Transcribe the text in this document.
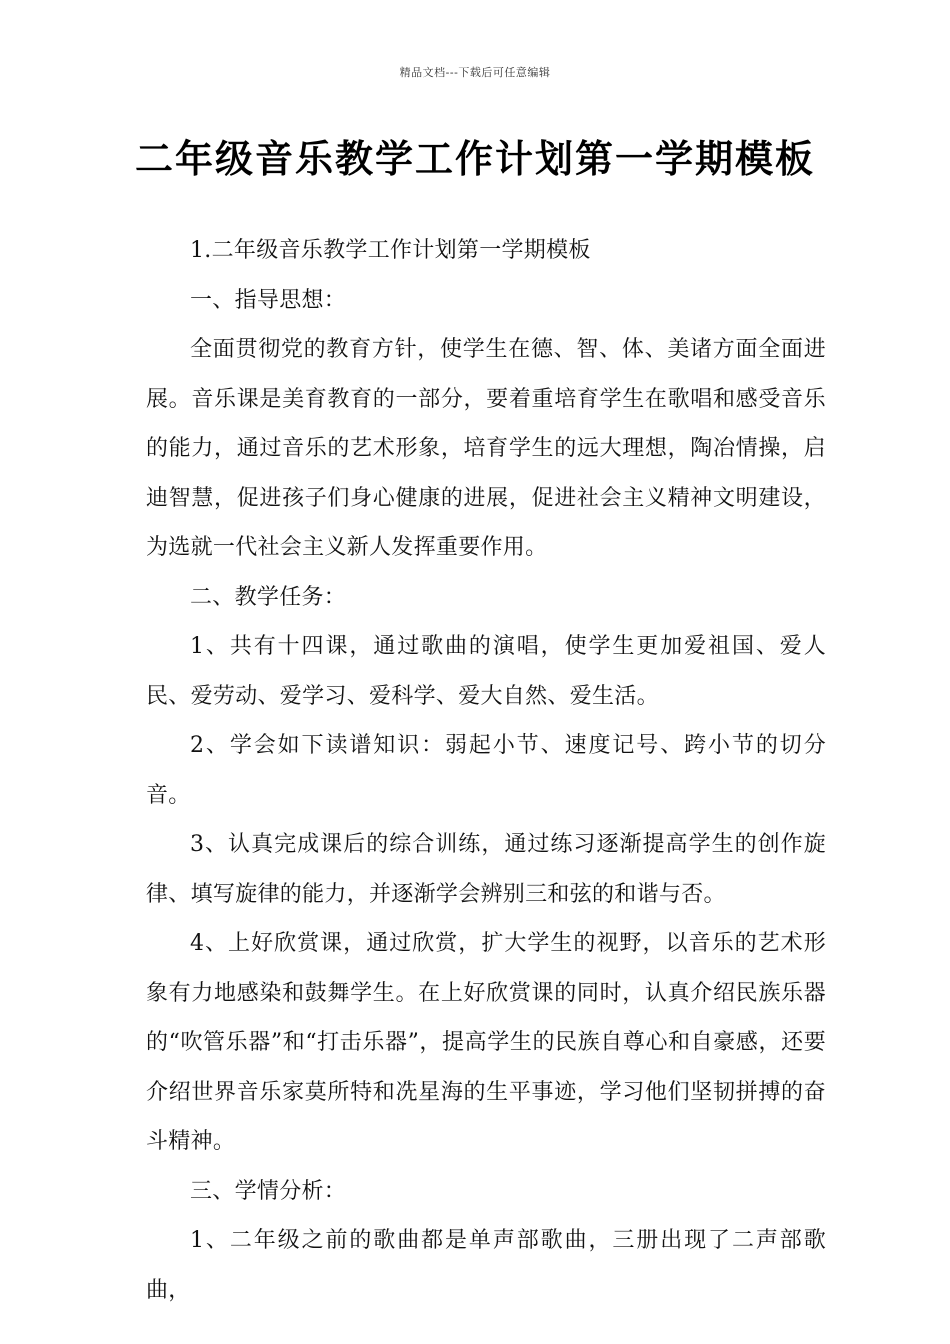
精品文档---下载后可任意编辑
二年级音乐教学工作计划第一学期模板

1.二年级音乐教学工作计划第一学期模板

一、指导思想：

全面贯彻党的教育方针，使学生在德、智、体、美诸方面全面进展。音乐课是美育教育的一部分，要着重培育学生在歌唱和感受音乐的能力，通过音乐的艺术形象，培育学生的远大理想，陶冶情操，启迪智慧，促进孩子们身心健康的进展，促进社会主义精神文明建设，为选就一代社会主义新人发挥重要作用。

二、教学任务：

1、共有十四课，通过歌曲的演唱，使学生更加爱祖国、爱人民、爱劳动、爱学习、爱科学、爱大自然、爱生活。

2、学会如下读谱知识：弱起小节、速度记号、跨小节的切分音。

3、认真完成课后的综合训练，通过练习逐渐提高学生的创作旋律、填写旋律的能力，并逐渐学会辨别三和弦的和谐与否。

4、上好欣赏课，通过欣赏，扩大学生的视野，以音乐的艺术形象有力地感染和鼓舞学生。在上好欣赏课的同时，认真介绍民族乐器的“吹管乐器”和“打击乐器”，提高学生的民族自尊心和自豪感，还要介绍世界音乐家莫所特和冼星海的生平事迹，学习他们坚韧拼搏的奋斗精神。

三、学情分析：

1、二年级之前的歌曲都是单声部歌曲，三册出现了二声部歌曲，
